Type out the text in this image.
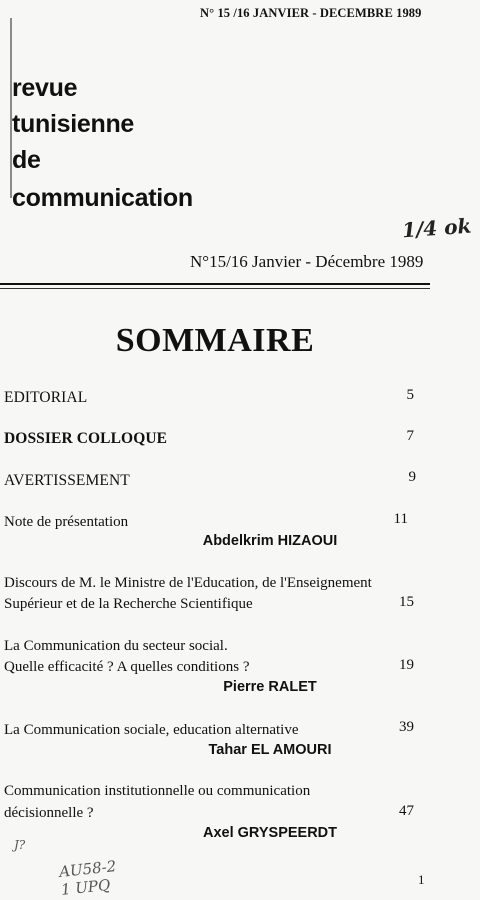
N° 15 /16 JANVIER - DECEMBRE 1989
revue
tunisienne
de
communication
1/4 ok
N°15/16 Janvier - Décembre 1989
SOMMAIRE
EDITORIAL	5
DOSSIER COLLOQUE	7
AVERTISSEMENT	9
Note de présentation	11
Abdelkrim HIZAOUI
Discours de M. le Ministre de l'Education, de l'Enseignement
Supérieur et de la Recherche Scientifique	15
La Communication du secteur social.
Quelle efficacité ? A quelles conditions ?	19
Pierre RALET
La Communication sociale, education alternative	39
Tahar EL AMOURI
Communication institutionnelle ou communication
décisionnelle ?	47
Axel GRYSPEERDT
J?
AU58-2
1 UPQ	1
